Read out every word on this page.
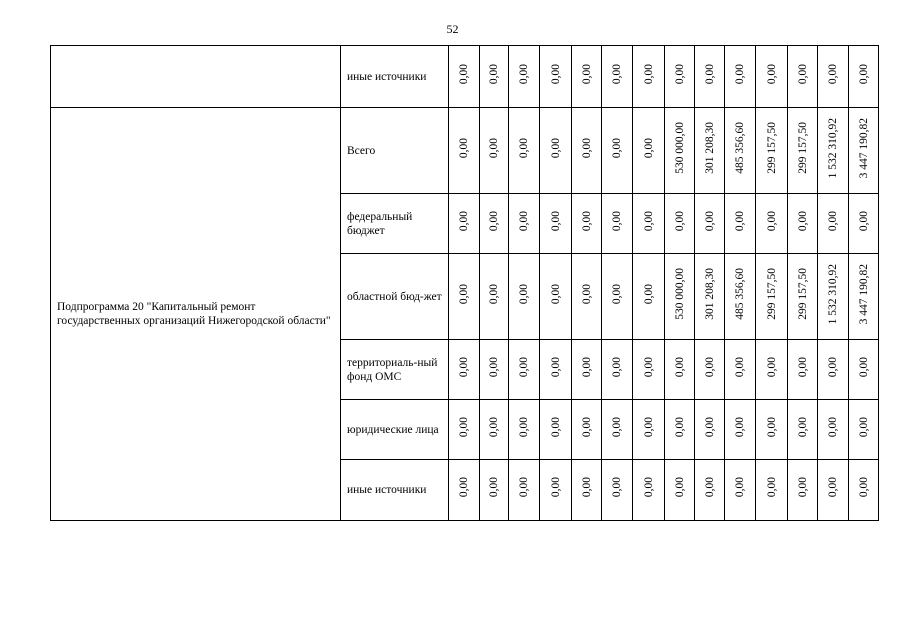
52
	иные источники	0,00	0,00	0,00	0,00	0,00	0,00	0,00	0,00	0,00	0,00	0,00	0,00	0,00	0,00
Подпрограмма 20 "Капитальный ремонт государственных организаций Нижегородской области"	Всего	0,00	0,00	0,00	0,00	0,00	0,00	0,00	530 000,00	301 208,30	485 356,60	299 157,50	299 157,50	1 532 310,92	3 447 190,82
	федеральный бюджет	0,00	0,00	0,00	0,00	0,00	0,00	0,00	0,00	0,00	0,00	0,00	0,00	0,00	0,00
	областной бюд-жет	0,00	0,00	0,00	0,00	0,00	0,00	0,00	530 000,00	301 208,30	485 356,60	299 157,50	299 157,50	1 532 310,92	3 447 190,82
	территориаль-ный фонд ОМС	0,00	0,00	0,00	0,00	0,00	0,00	0,00	0,00	0,00	0,00	0,00	0,00	0,00	0,00
	юридические лица	0,00	0,00	0,00	0,00	0,00	0,00	0,00	0,00	0,00	0,00	0,00	0,00	0,00	0,00
	иные источники	0,00	0,00	0,00	0,00	0,00	0,00	0,00	0,00	0,00	0,00	0,00	0,00	0,00	0,00
